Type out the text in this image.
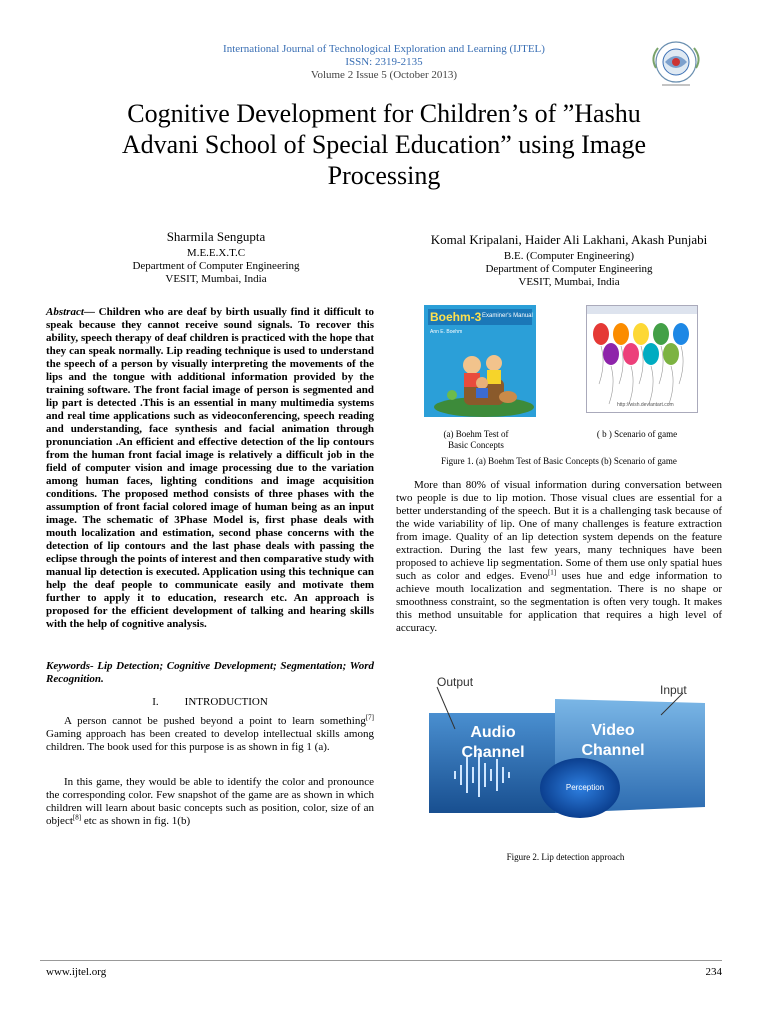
International Journal of Technological Exploration and Learning (IJTEL)
ISSN: 2319-2135
Volume 2 Issue 5 (October 2013)
Cognitive Development for Children’s of ”Hashu
Advani School of Special Education” using Image
Processing
Sharmila Sengupta
M.E.E.X.T.C
Department of Computer Engineering
VESIT, Mumbai, India
Komal Kripalani, Haider Ali Lakhani, Akash Punjabi
B.E. (Computer Engineering)
Department of Computer Engineering
VESIT, Mumbai, India
Abstract— Children who are deaf by birth usually find it difficult to speak because they cannot receive sound signals. To recover this ability, speech therapy of deaf children is practiced with the hope that they can speak normally. Lip reading technique is used to understand the speech of a person by visually interpreting the movements of the lips and the tongue with additional information provided by the training software. The front facial image of person is segmented and lip part is detected .This is an essential in many multimedia systems and real time applications such as videoconferencing, speech reading and understanding, face synthesis and facial animation through pronunciation .An efficient and effective detection of the lip contours from the human front facial image is relatively a difficult job in the field of computer vision and image processing due to the variation among human faces, lighting conditions and image acquisition conditions. The proposed method consists of three phases with the assumption of front facial colored image of human being as an input image. The schematic of 3Phase Model is, first phase deals with mouth localization and estimation, second phase concerns with the detection of lip contours and the last phase deals with passing the eclipse through the points of interest and then comparative study with manual lip detection is executed. Application using this technique can help the deaf people to communicate easily and motivate them further to apply it to education, research etc. An approach is proposed for the efficient development of talking and hearing skills with the help of cognitive analysis.
Keywords- Lip Detection; Cognitive Development; Segmentation; Word Recognition.
I. INTRODUCTION
A person cannot be pushed beyond a point to learn something[7] Gaming approach has been created to develop intellectual skills among children. The book used for this purpose is as shown in fig 1 (a).
In this game, they would be able to identify the color and pronounce the corresponding color. Few snapshot of the game are as shown in which children will learn about basic concepts such as position, color, size of an object[8] etc as shown in fig. 1(b)
Boehm-3 Examiner's Manual
Ann E. Boehm
http://wish.deviantart.com
(a) Boehm Test of
Basic Concepts
( b ) Scenario of game
Figure 1. (a) Boehm Test of Basic Concepts (b) Scenario of game
More than 80% of visual information during conversation between two people is due to lip motion. Those visual clues are essential for a better understanding of the speech. But it is a challenging task because of the wide variability of lip. One of many challenges is feature extraction from image. Quality of an lip detection system depends on the feature extraction. During the last few years, many techniques have been proposed to achieve lip segmentation. Some of them use only spatial hues such as color and edges. Eveno[1] uses hue and edge information to achieve mouth localization and segmentation. There is no shape or smoothness constraint, so the segmentation is often very tough. It makes this method unsuitable for application that requires a high level of accuracy.
Output
Input
Audio
Channel
Video
Channel
Perception
Figure 2. Lip detection approach
www.ijtel.org	234
